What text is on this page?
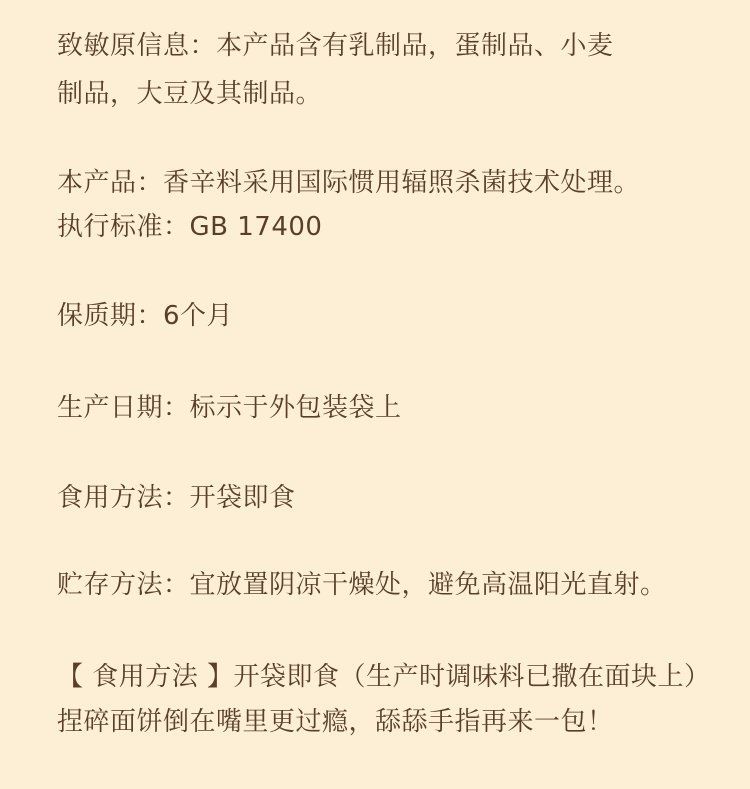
致敏原信息：本产品含有乳制品，蛋制品、小麦
制品，大豆及其制品。
本产品：香辛料采用国际惯用辐照杀菌技术处理。
执行标准：GB 17400
保质期：6个月
生产日期：标示于外包装袋上
食用方法：开袋即食
贮存方法：宜放置阴凉干燥处，避免高温阳光直射。
【 食用方法 】开袋即食（生产时调味料已撒在面块上）
捏碎面饼倒在嘴里更过瘾，舔舔手指再来一包！
